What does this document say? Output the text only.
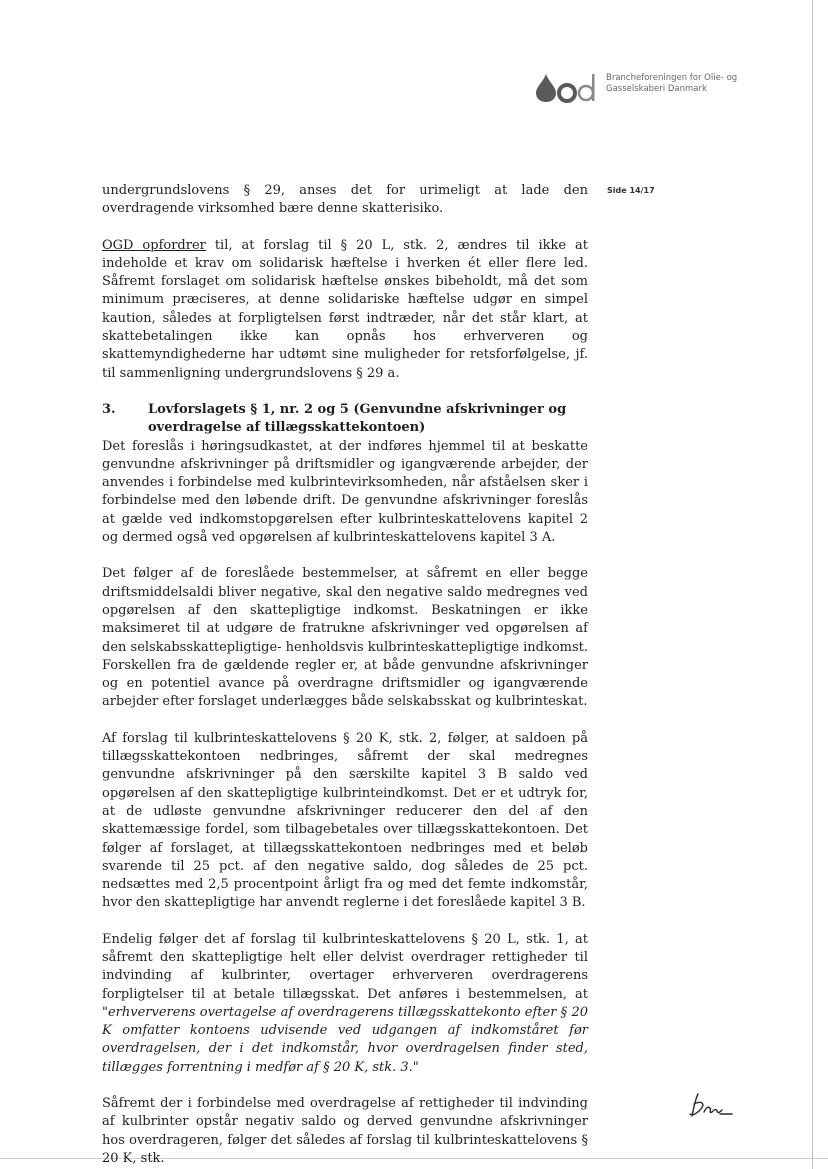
Brancheforeningen for Olie- og
Gasselskaberi Danmark
Side 14/17

undergrundslovens § 29, anses det for urimeligt at lade den overdragende virksomhed bære denne skatterisiko.

OGD opfordrer til, at forslag til § 20 L, stk. 2, ændres til ikke at indeholde et krav om solidarisk hæftelse i hverken ét eller flere led. Såfremt forslaget om solidarisk hæftelse ønskes bibeholdt, må det som minimum præciseres, at denne solidariske hæftelse udgør en simpel kaution, således at forpligtelsen først indtræder, når det står klart, at skattebetalingen ikke kan opnås hos erhververen og skattemyndighederne har udtømt sine muligheder for retsforfølgelse, jf. til sammenligning undergrundslovens § 29 a.

3.	Lovforslagets § 1, nr. 2 og 5 (Genvundne afskrivninger og overdragelse af tillægsskattekontoen)

Det foreslås i høringsudkastet, at der indføres hjemmel til at beskatte genvundne afskrivninger på driftsmidler og igangværende arbejder, der anvendes i forbindelse med kulbrintevirksomheden, når afståelsen sker i forbindelse med den løbende drift. De genvundne afskrivninger foreslås at gælde ved indkomstopgørelsen efter kulbrinteskattelovens kapitel 2 og dermed også ved opgørelsen af kulbrinteskattelovens kapitel 3 A.

Det følger af de foreslåede bestemmelser, at såfremt en eller begge driftsmiddelsaldi bliver negative, skal den negative saldo medregnes ved opgørelsen af den skattepligtige indkomst. Beskatningen er ikke maksimeret til at udgøre de fratrukne afskrivninger ved opgørelsen af den selskabsskattepligtige- henholdsvis kulbrinteskattepligtige indkomst. Forskellen fra de gældende regler er, at både genvundne afskrivninger og en potentiel avance på overdragne driftsmidler og igangværende arbejder efter forslaget underlægges både selskabsskat og kulbrinteskat.

Af forslag til kulbrinteskattelovens § 20 K, stk. 2, følger, at saldoen på tillægsskattekontoen nedbringes, såfremt der skal medregnes genvundne afskrivninger på den særskilte kapitel 3 B saldo ved opgørelsen af den skattepligtige kulbrinteindkomst. Det er et udtryk for, at de udløste genvundne afskrivninger reducerer den del af den skattemæssige fordel, som tilbagebetales over tillægsskattekontoen. Det følger af forslaget, at tillægsskattekontoen nedbringes med et beløb svarende til 25 pct. af den negative saldo, dog således de 25 pct. nedsættes med 2,5 procentpoint årligt fra og med det femte indkomstår, hvor den skattepligtige har anvendt reglerne i det foreslåede kapitel 3 B.

Endelig følger det af forslag til kulbrinteskattelovens § 20 L, stk. 1, at såfremt den skattepligtige helt eller delvist overdrager rettigheder til indvinding af kulbrinter, overtager erhververen overdragerens forpligtelser til at betale tillægsskat. Det anføres i bestemmelsen, at "erhververens overtagelse af overdragerens tillægsskattekonto efter § 20 K omfatter kontoens udvisende ved udgangen af indkomståret før overdragelsen, der i det indkomstår, hvor overdragelsen finder sted, tillægges forrentning i medfør af § 20 K, stk. 3."

Såfremt der i forbindelse med overdragelse af rettigheder til indvinding af kulbrinter opstår negativ saldo og derved genvundne afskrivninger hos overdrageren, følger det således af forslag til kulbrinteskattelovens § 20 K, stk.
